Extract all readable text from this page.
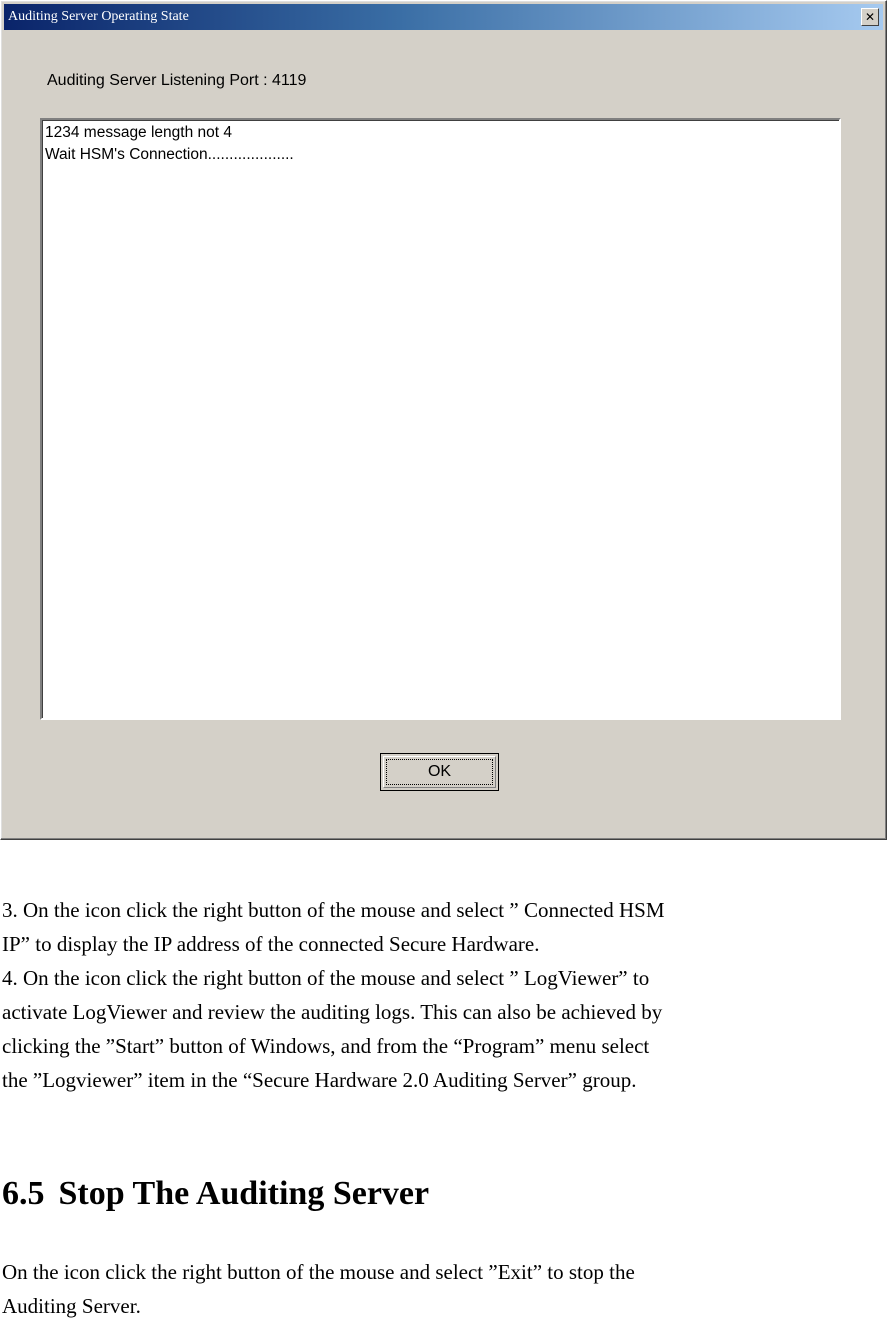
Auditing Server Operating State	✕
Auditing Server Listening Port : 4119
1234 message length not 4
Wait HSM's Connection....................
OK

3. On the icon click the right button of the mouse and select ” Connected HSM

IP” to display the IP address of the connected Secure Hardware.

4. On the icon click the right button of the mouse and select ” LogViewer” to

activate LogViewer and review the auditing logs. This can also be achieved by

clicking the ”Start” button of Windows, and from the “Program” menu select

the ”Logviewer” item in the “Secure Hardware 2.0 Auditing Server” group.

6.5 Stop The Auditing Server

On the icon click the right button of the mouse and select ”Exit” to stop the

Auditing Server.
